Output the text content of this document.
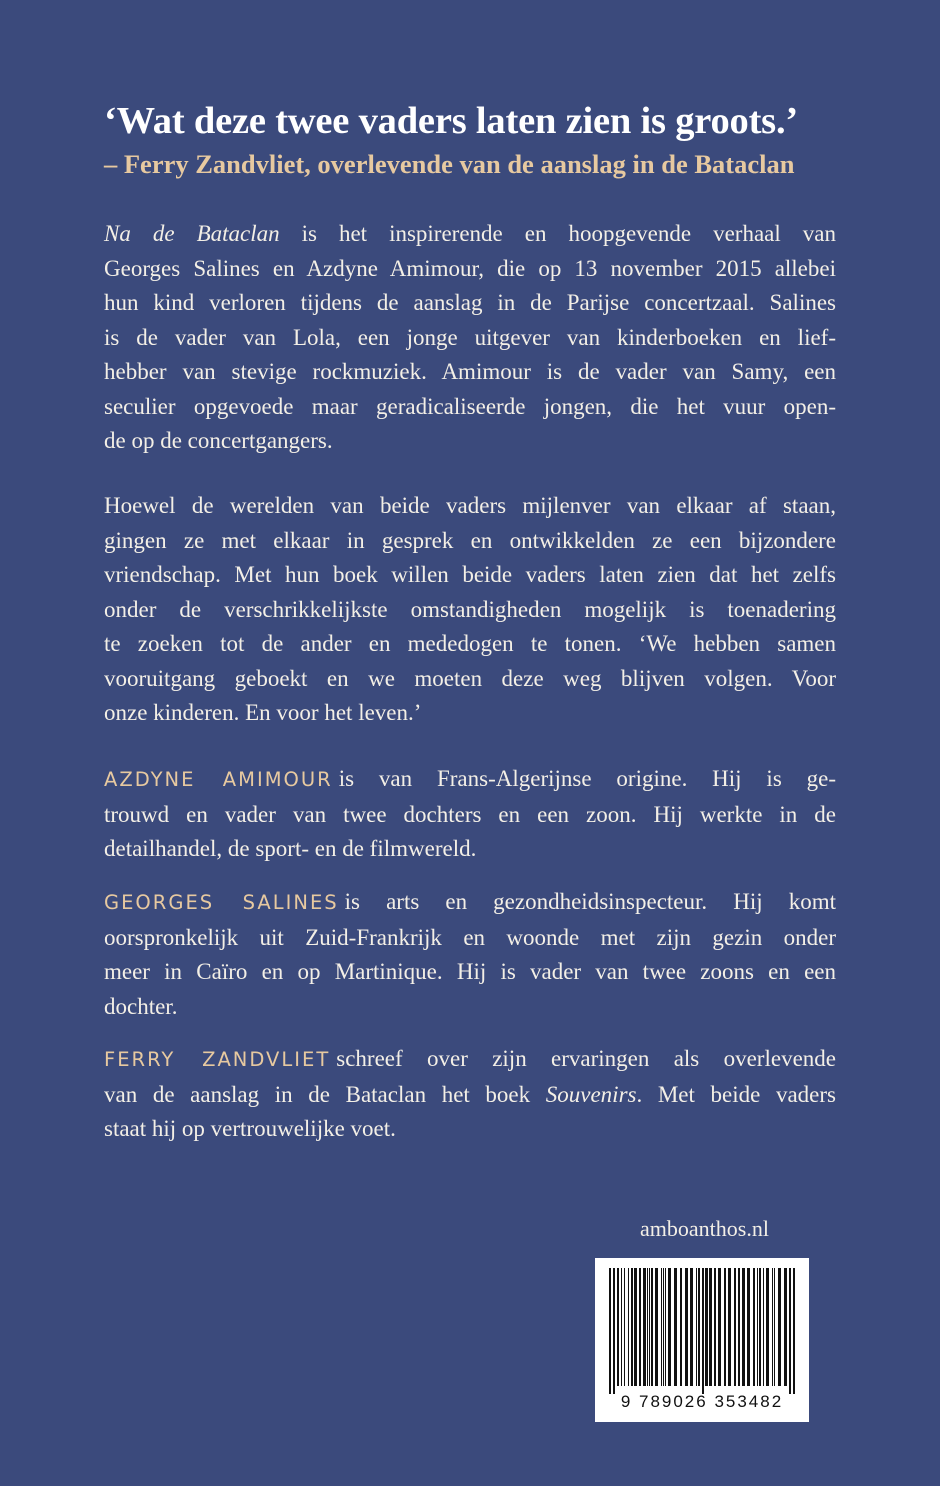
‘Wat deze twee vaders laten zien is groots.’
– Ferry Zandvliet, overlevende van de aanslag in de Bataclan
Na de Bataclan is het inspirerende en hoopgevende verhaal van
Georges Salines en Azdyne Amimour, die op 13 november 2015 allebei
hun kind verloren tijdens de aanslag in de Parijse concertzaal. Salines
is de vader van Lola, een jonge uitgever van kinderboeken en lief-
hebber van stevige rockmuziek. Amimour is de vader van Samy, een
seculier opgevoede maar geradicaliseerde jongen, die het vuur open-
de op de concertgangers.
Hoewel de werelden van beide vaders mijlenver van elkaar af staan,
gingen ze met elkaar in gesprek en ontwikkelden ze een bijzondere
vriendschap. Met hun boek willen beide vaders laten zien dat het zelfs
onder de verschrikkelijkste omstandigheden mogelijk is toenadering
te zoeken tot de ander en mededogen te tonen. ‘We hebben samen
vooruitgang geboekt en we moeten deze weg blijven volgen. Voor
onze kinderen. En voor het leven.’
AZDYNE AMIMOUR is van Frans-Algerijnse origine. Hij is ge-
trouwd en vader van twee dochters en een zoon. Hij werkte in de
detailhandel, de sport- en de filmwereld.
GEORGES SALINES is arts en gezondheidsinspecteur. Hij komt
oorspronkelijk uit Zuid-Frankrijk en woonde met zijn gezin onder
meer in Caïro en op Martinique. Hij is vader van twee zoons en een
dochter.
FERRY ZANDVLIET schreef over zijn ervaringen als overlevende
van de aanslag in de Bataclan het boek Souvenirs. Met beide vaders
staat hij op vertrouwelijke voet.
amboanthos.nl
9 789026 353482
